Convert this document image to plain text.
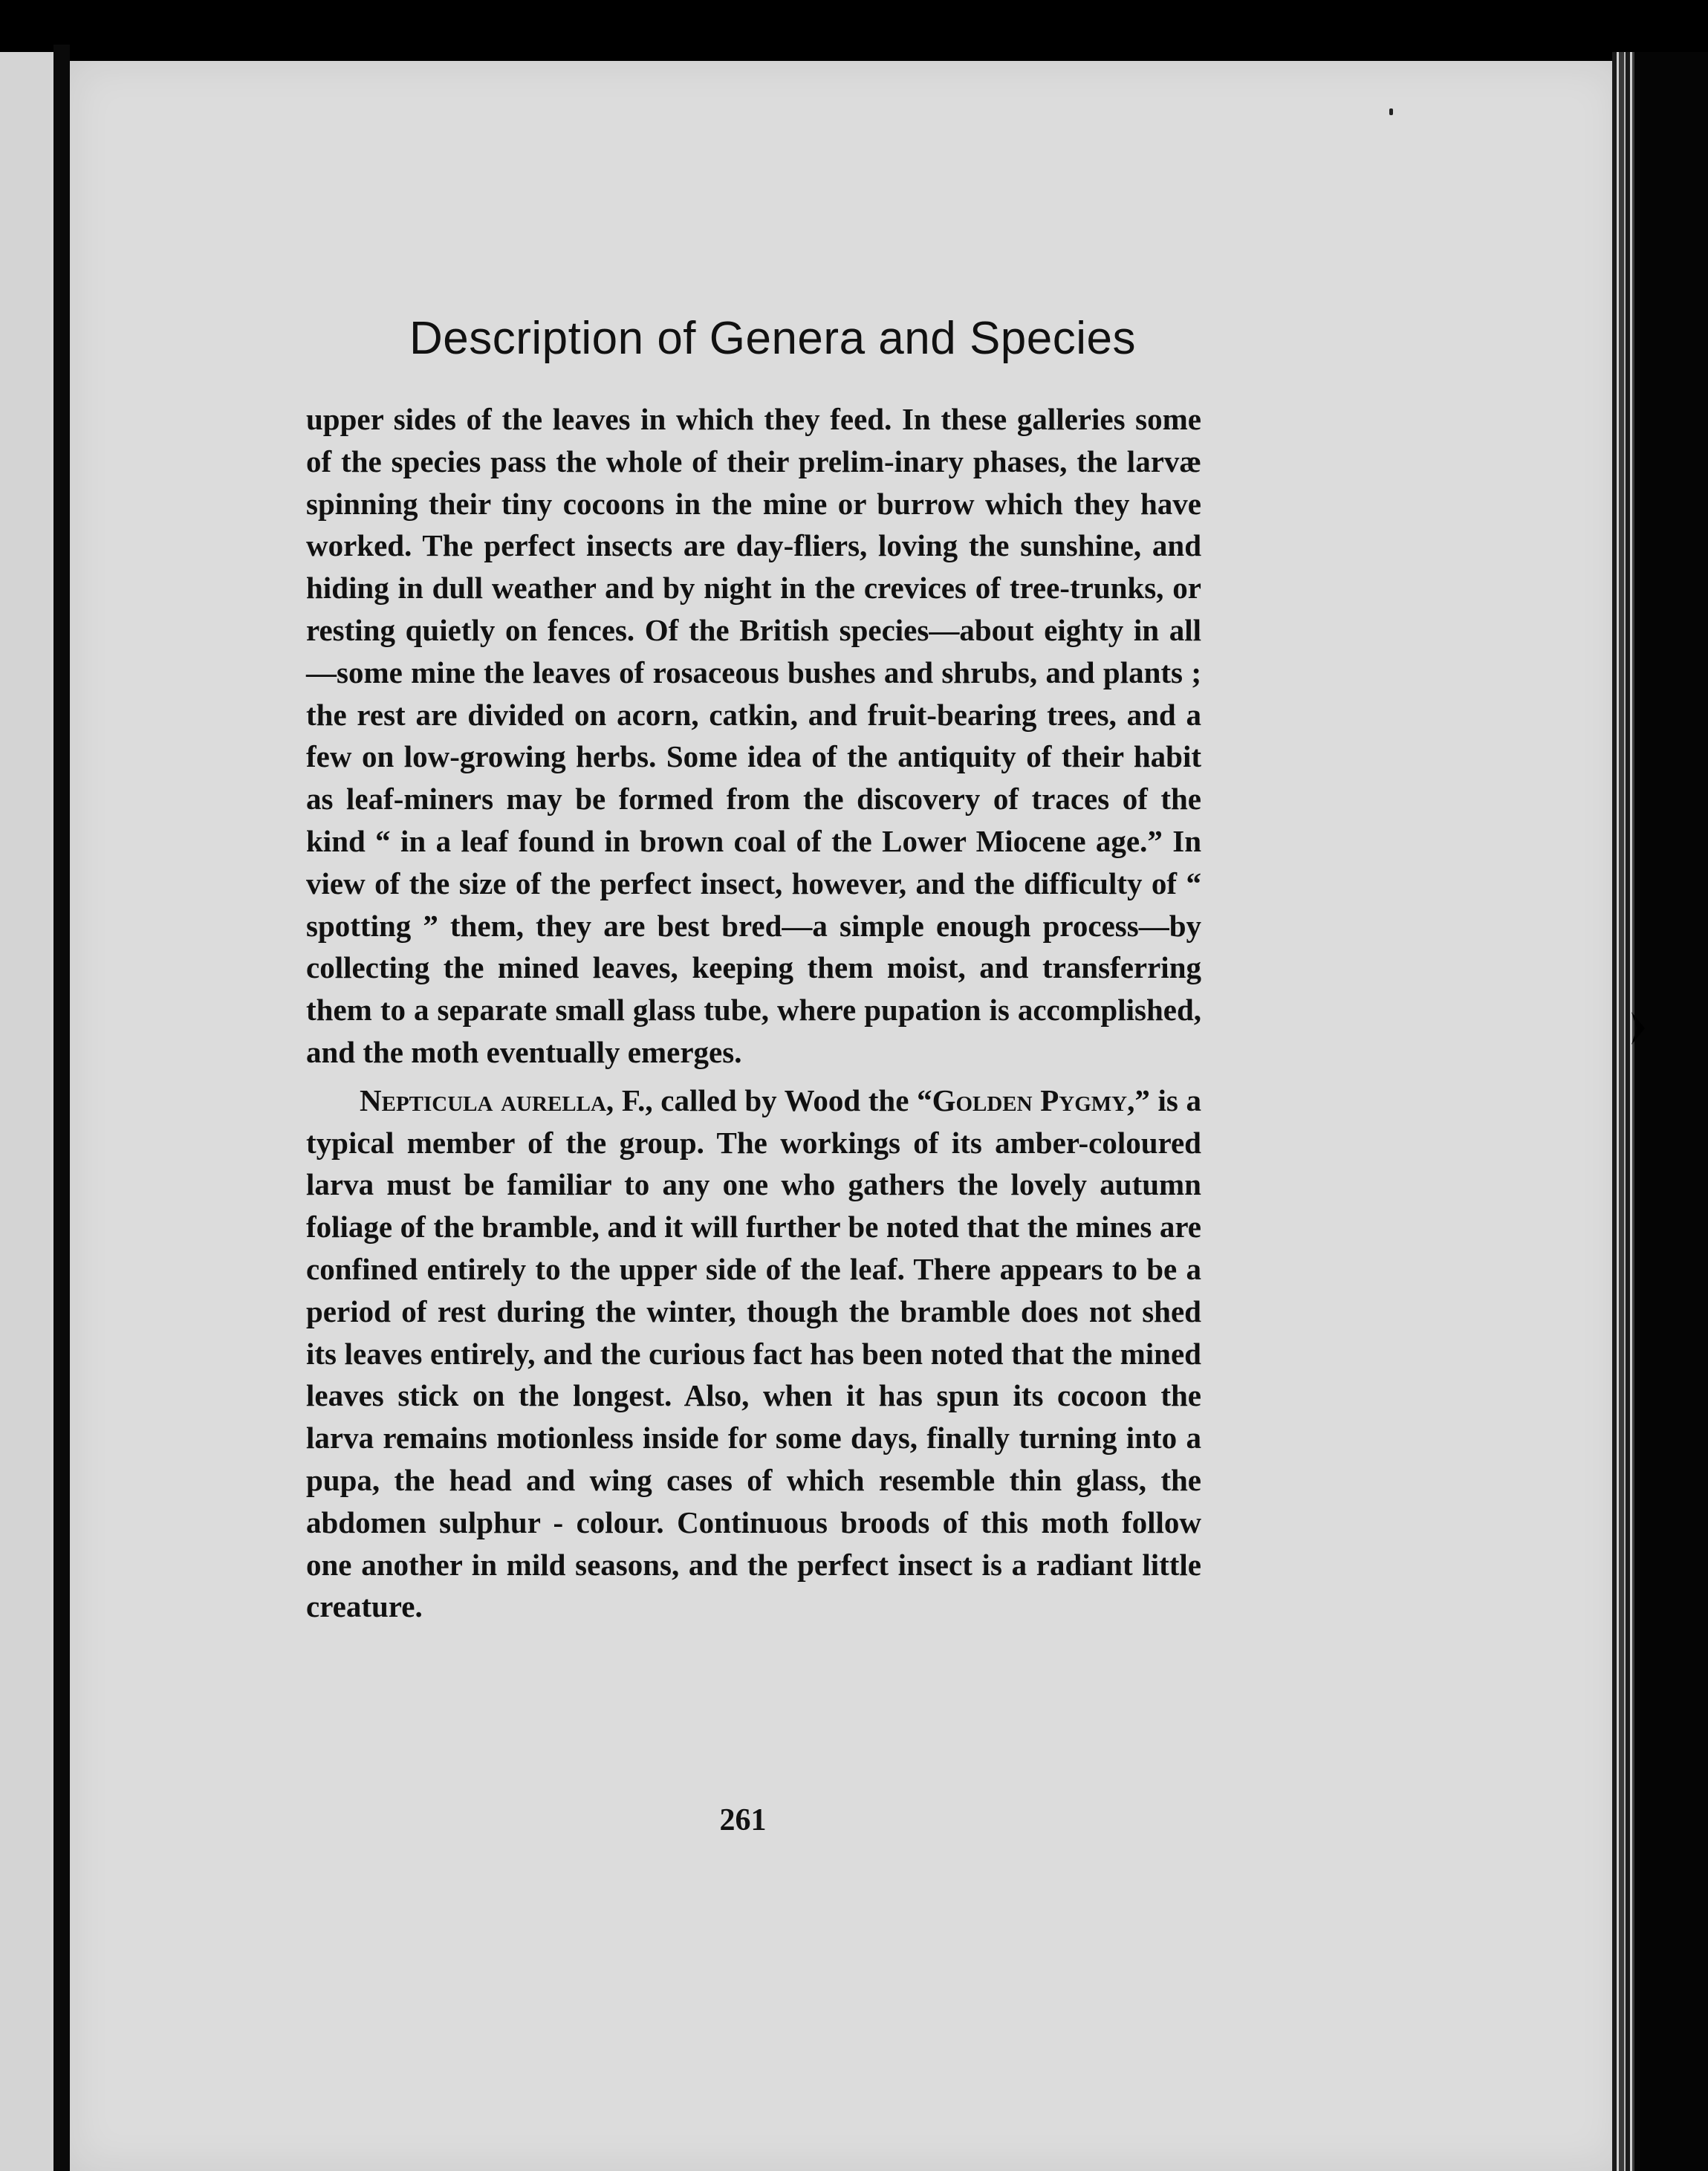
Description of Genera and Species

upper sides of the leaves in which they feed. In these galleries some of the species pass the whole of their prelim-inary phases, the larvæ spinning their tiny cocoons in the mine or burrow which they have worked. The perfect insects are day-fliers, loving the sunshine, and hiding in dull weather and by night in the crevices of tree-trunks, or resting quietly on fences. Of the British species—about eighty in all—some mine the leaves of rosaceous bushes and shrubs, and plants ; the rest are divided on acorn, catkin, and fruit-bearing trees, and a few on low-growing herbs. Some idea of the antiquity of their habit as leaf-miners may be formed from the discovery of traces of the kind “ in a leaf found in brown coal of the Lower Miocene age.” In view of the size of the perfect insect, however, and the difficulty of “ spotting ” them, they are best bred—a simple enough process—by collecting the mined leaves, keeping them moist, and transferring them to a separate small glass tube, where pupation is accomplished, and the moth eventually emerges.

Nepticula aurella, F., called by Wood the “Golden Pygmy,” is a typical member of the group. The workings of its amber-coloured larva must be familiar to any one who gathers the lovely autumn foliage of the bramble, and it will further be noted that the mines are confined entirely to the upper side of the leaf. There appears to be a period of rest during the winter, though the bramble does not shed its leaves entirely, and the curious fact has been noted that the mined leaves stick on the longest. Also, when it has spun its cocoon the larva remains motionless inside for some days, finally turning into a pupa, the head and wing cases of which resemble thin glass, the abdomen sulphur - colour. Continuous broods of this moth follow one another in mild seasons, and the perfect insect is a radiant little creature.

261
